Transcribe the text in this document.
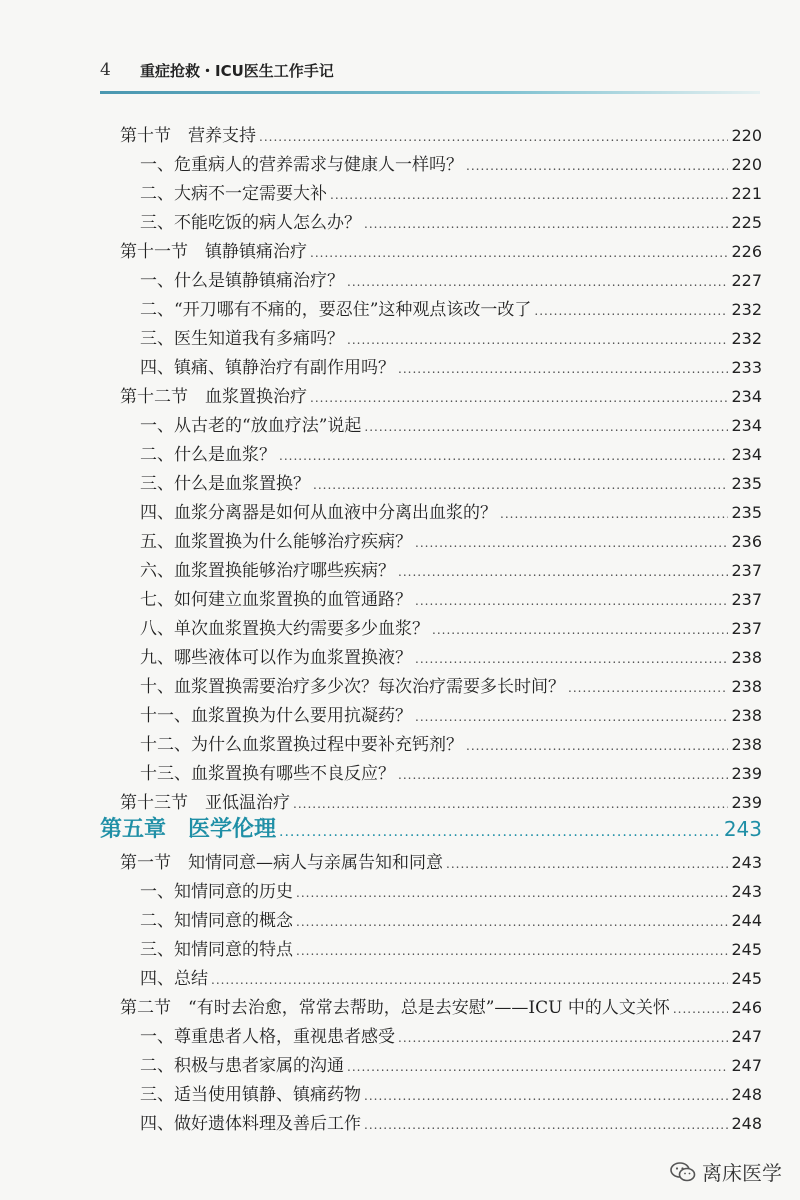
4	重症抢救・ICU医生工作手记
第十节　营养支持 .....	220
一、危重病人的营养需求与健康人一样吗？ .....	220
二、大病不一定需要大补 .....	221
三、不能吃饭的病人怎么办？ .....	225
第十一节　镇静镇痛治疗 .....	226
一、什么是镇静镇痛治疗？ .....	227
二、“开刀哪有不痛的，要忍住”这种观点该改一改了 .....	232
三、医生知道我有多痛吗？ .....	232
四、镇痛、镇静治疗有副作用吗？ .....	233
第十二节　血浆置换治疗 .....	234
一、从古老的“放血疗法”说起 .....	234
二、什么是血浆？ .....	234
三、什么是血浆置换？ .....	235
四、血浆分离器是如何从血液中分离出血浆的？ .....	235
五、血浆置换为什么能够治疗疾病？ .....	236
六、血浆置换能够治疗哪些疾病？ .....	237
七、如何建立血浆置换的血管通路？ .....	237
八、单次血浆置换大约需要多少血浆？ .....	237
九、哪些液体可以作为血浆置换液？ .....	238
十、血浆置换需要治疗多少次？每次治疗需要多长时间？ .....	238
十一、血浆置换为什么要用抗凝药？ .....	238
十二、为什么血浆置换过程中要补充钙剂？ .....	238
十三、血浆置换有哪些不良反应？ .....	239
第十三节　亚低温治疗 .....	239
第五章　医学伦理 .....	243
第一节　知情同意—病人与亲属告知和同意 .....	243
一、知情同意的历史 .....	243
二、知情同意的概念 .....	244
三、知情同意的特点 .....	245
四、总结 .....	245
第二节　“有时去治愈，常常去帮助，总是去安慰”——ICU 中的人文关怀 .....	246
一、尊重患者人格，重视患者感受 .....	247
二、积极与患者家属的沟通 .....	247
三、适当使用镇静、镇痛药物 .....	248
四、做好遗体料理及善后工作 .....	248
离床医学
